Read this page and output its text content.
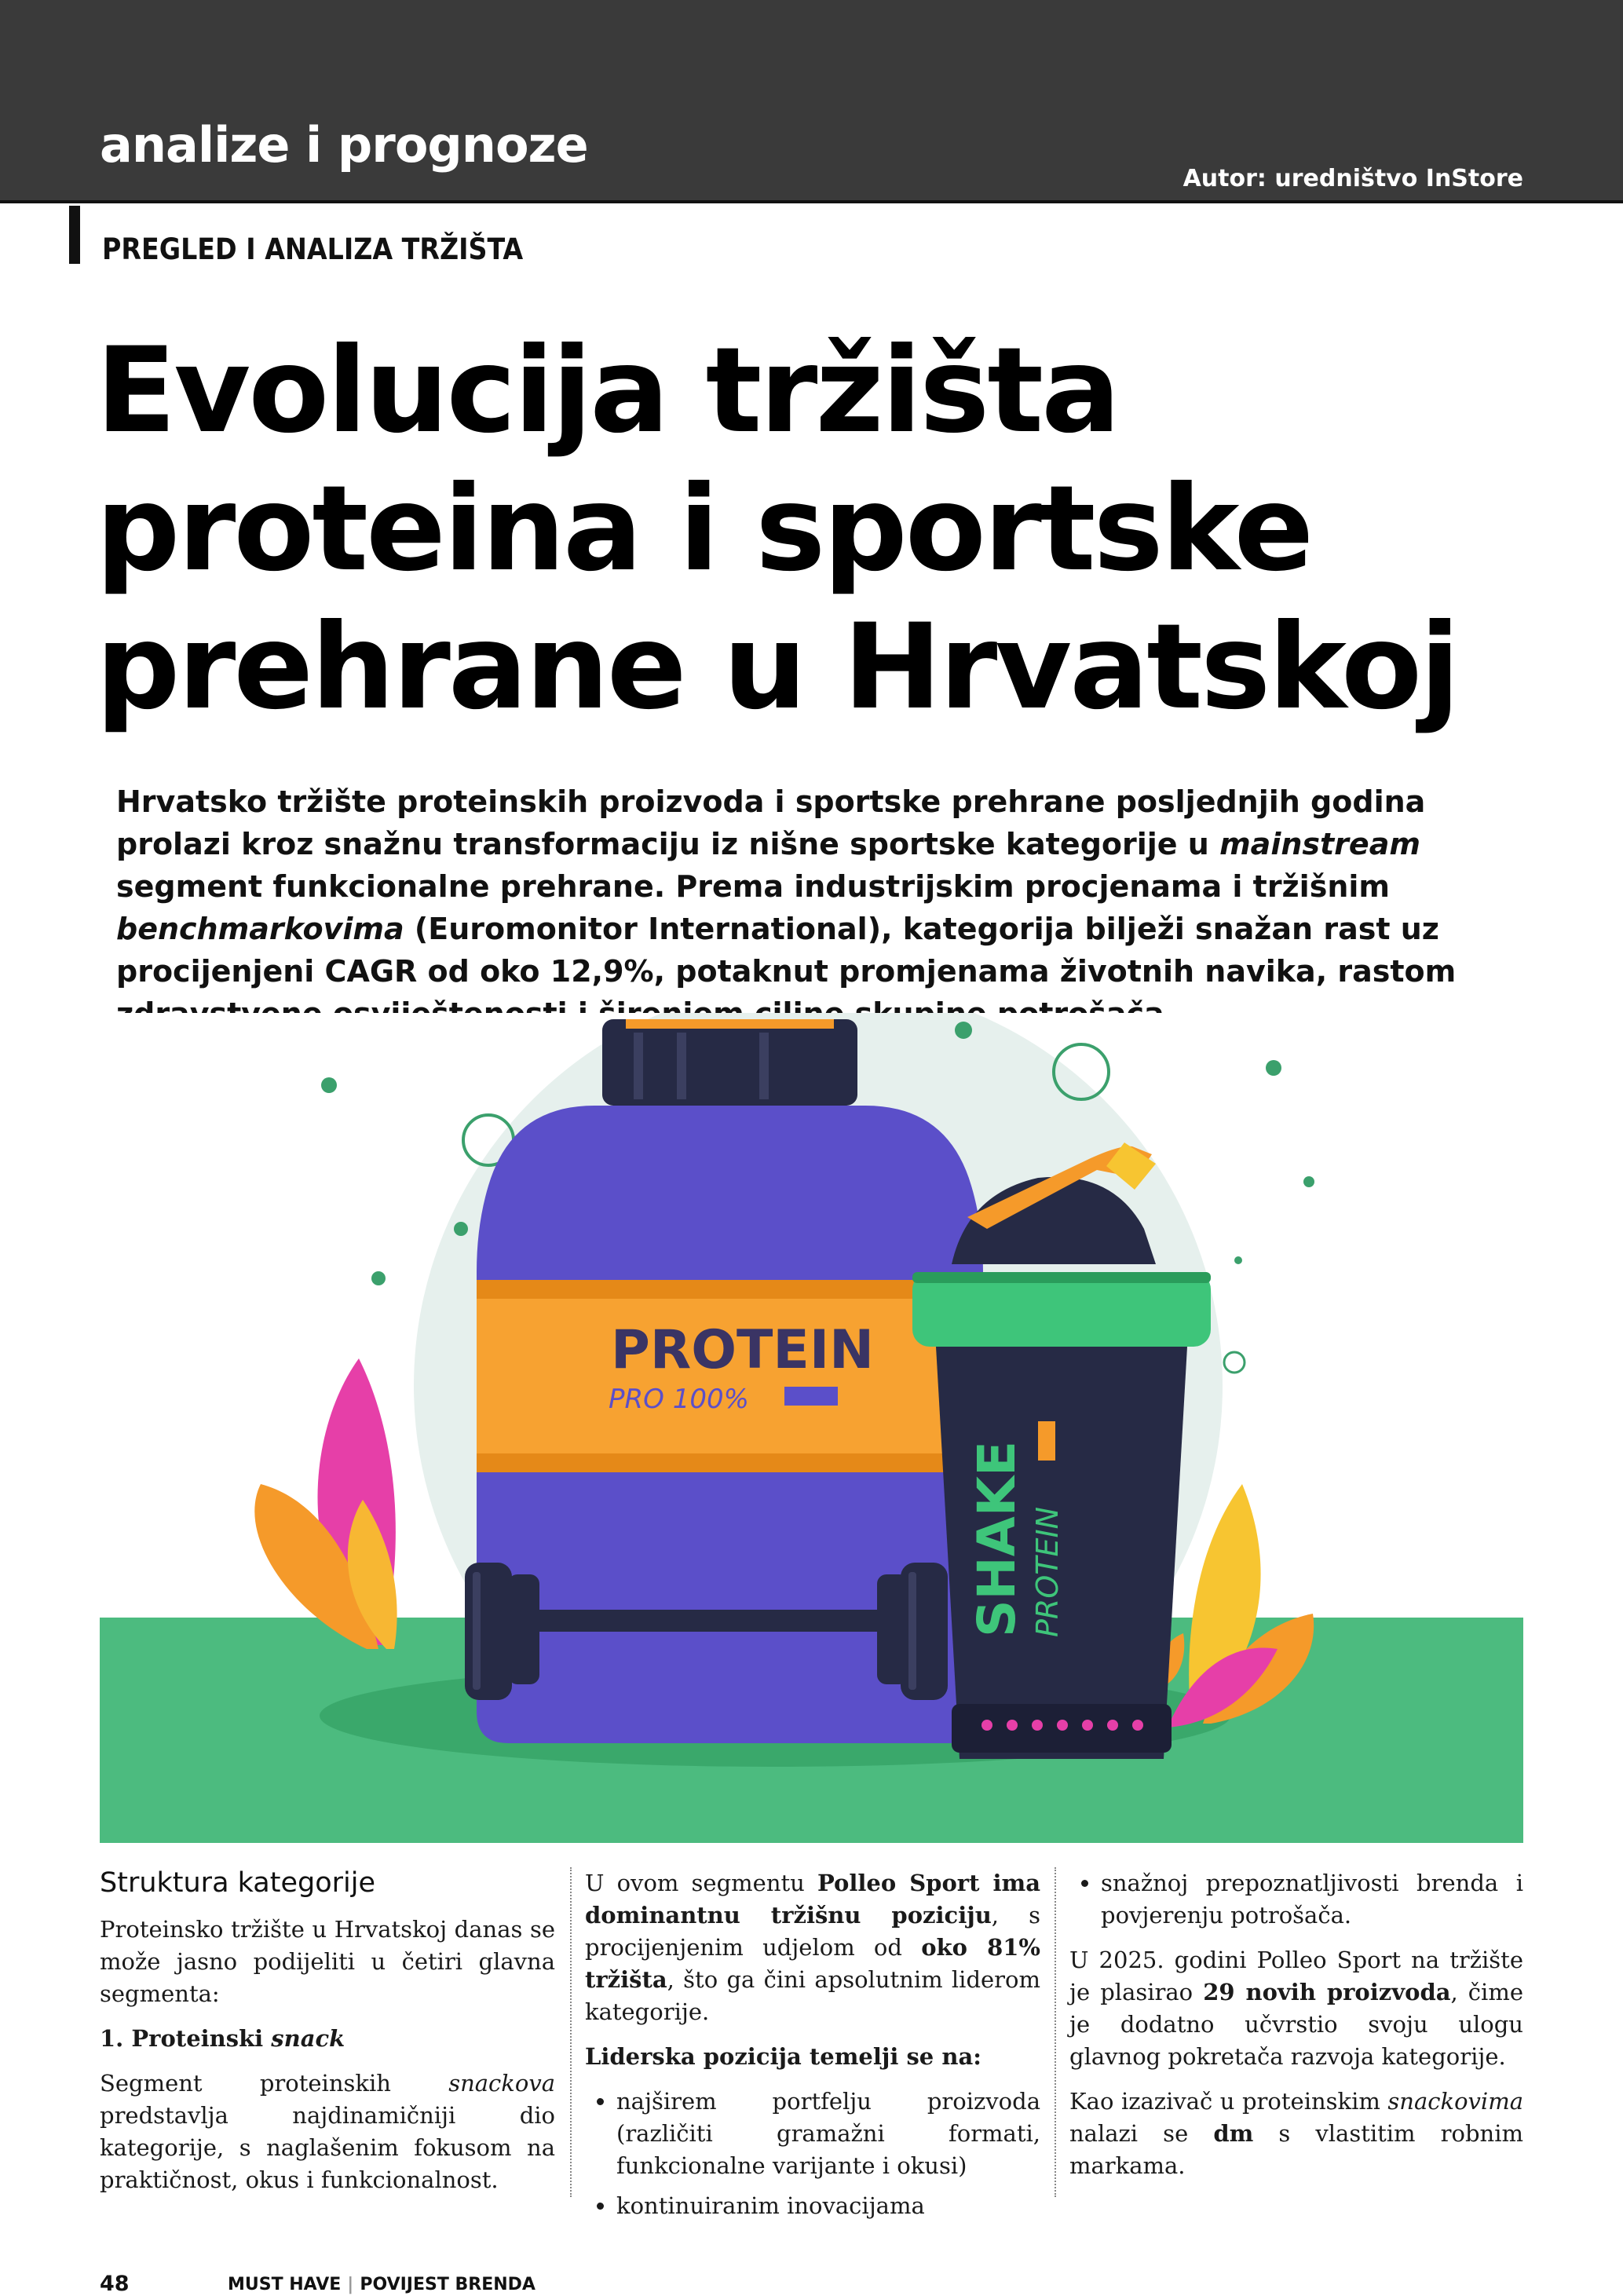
analize i prognoze
Autor: uredništvo InStore
PREGLED I ANALIZA TRŽIŠTA
Evolucija tržišta
proteina i sportske
prehrane u Hrvatskoj
Hrvatsko tržište proteinskih proizvoda i sportske prehrane posljednjih godina prolazi kroz snažnu transformaciju iz nišne sportske kategorije u mainstream segment funkcionalne prehrane. Prema industrijskim procjenama i tržišnim benchmarkovima (Euromonitor International), kategorija bilježi snažan rast uz procijenjeni CAGR od oko 12,9%, potaknut promjenama životnih navika, rastom
PROTEIN
PRO 100%
SHAKE PROTEIN
Struktura kategorije

Proteinsko tržište u Hrvatskoj danas se može jasno podijeliti u četiri glavna segmenta:

1. Proteinski snack

Segment proteinskih snackova predstavlja najdinamičniji dio kategorije, s naglašenim fokusom na praktičnost, okus i funkcionalnost.

U ovom segmentu Polleo Sport ima dominantnu tržišnu poziciju, s procijenjenim udjelom od oko 81% tržišta, što ga čini apsolutnim liderom kategorije.

Liderska pozicija temelji se na:

• najširem portfelju proizvoda (različiti gramažni formati, funkcionalne varijante i okusi)
• kontinuiranim inovacijama
• snažnoj prepoznatljivosti brenda i povjerenju potrošača.

U 2025. godini Polleo Sport na tržište je plasirao 29 novih proizvoda, čime je dodatno učvrstio svoju ulogu glavnog pokretača razvoja kategorije.

Kao izazivač u proteinskim snackovima nalazi se dm s vlastitim robnim markama.

48	MUST HAVE | POVIJEST BRENDA
